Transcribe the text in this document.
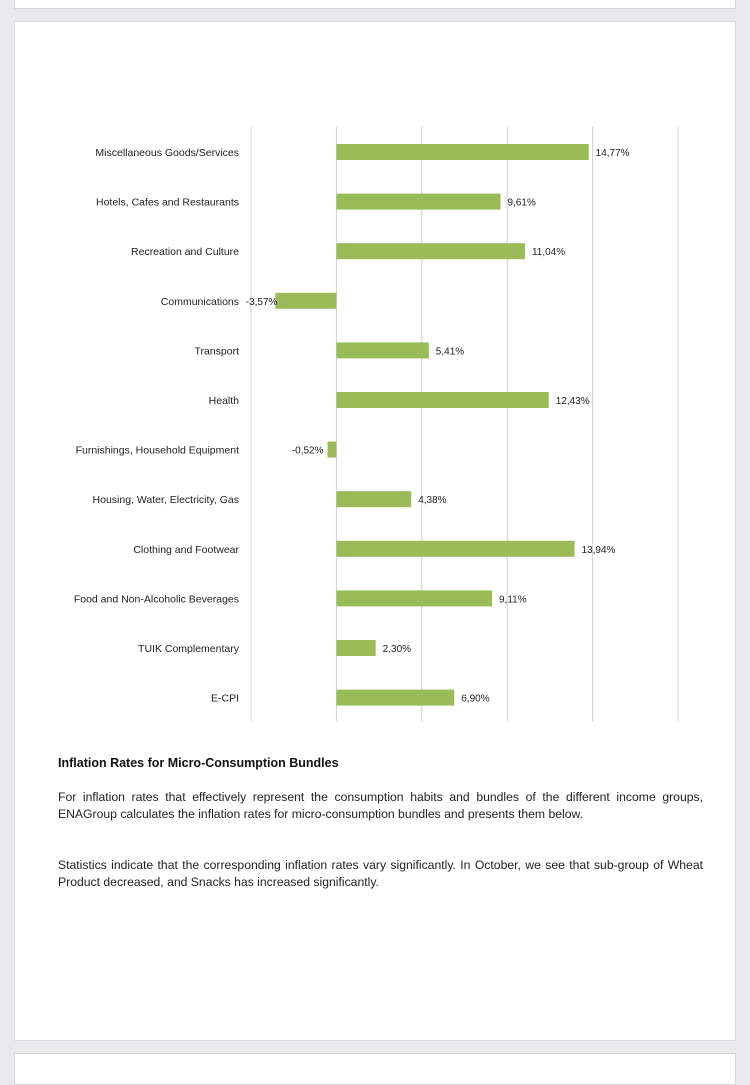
Miscellaneous Goods/Services	14,77%
Hotels, Cafes and Restaurants	9,61%
Recreation and Culture	11,04%
Communications -3,57%
Transport	5,41%
Health	12,43%
Furnishings, Household Equipment	-0,52%
Housing, Water, Electricity, Gas	4,38%
Clothing and Footwear	13,94%
Food and Non-Alcoholic Beverages	9,11%
TUIK Complementary	2,30%
E-CPI	6,90%
Inflation Rates for Micro-Consumption Bundles

For inflation rates that effectively represent the consumption habits and bundles of the different income groups, ENAGroup calculates the inflation rates for micro-consumption bundles and presents them below.

Statistics indicate that the corresponding inflation rates vary significantly. In October, we see that sub-group of Wheat Product decreased, and Snacks has increased significantly.
